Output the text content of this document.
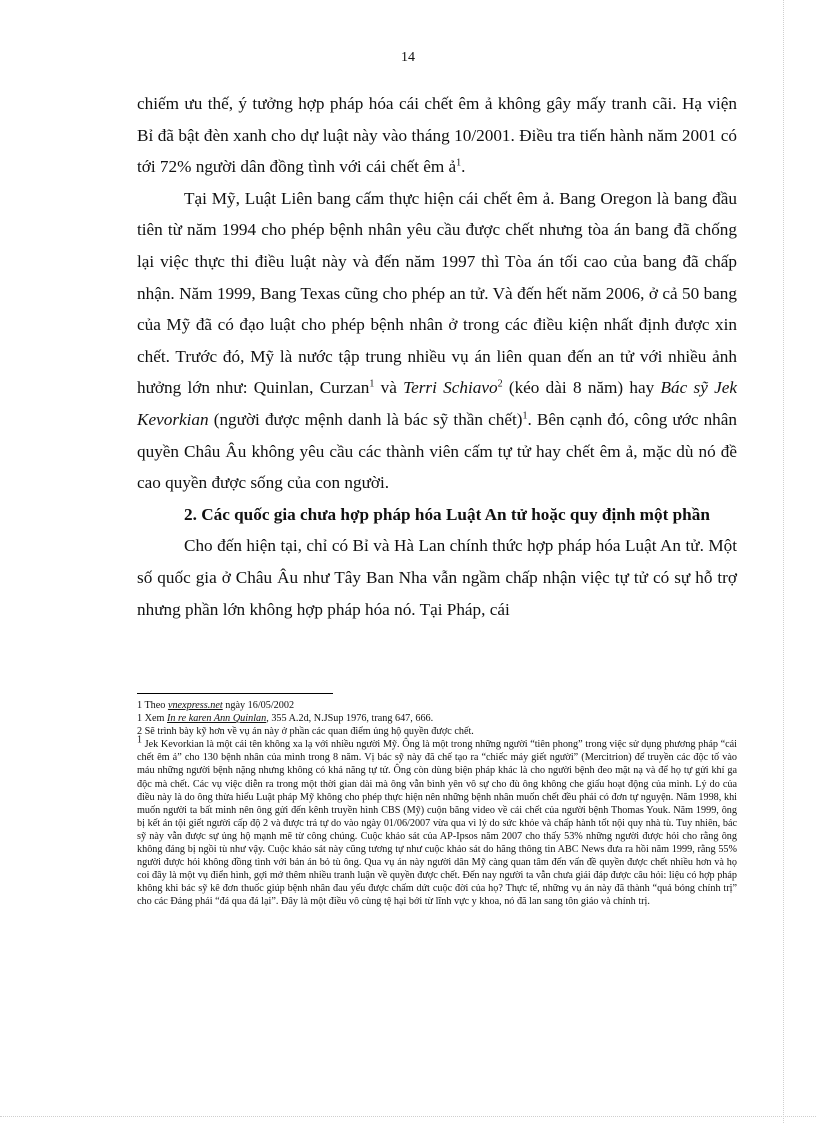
14

chiếm ưu thế, ý tưởng hợp pháp hóa cái chết êm ả không gây mấy tranh cãi. Hạ viện Bỉ đã bật đèn xanh cho dự luật này vào tháng 10/2001. Điều tra tiến hành năm 2001 có tới 72% người dân đồng tình với cái chết êm ả$^1$.

Tại Mỹ, Luật Liên bang cấm thực hiện cái chết êm ả. Bang Oregon là bang đầu tiên từ năm 1994 cho phép bệnh nhân yêu cầu được chết nhưng tòa án bang đã chống lại việc thực thi điều luật này và đến năm 1997 thì Tòa án tối cao của bang đã chấp nhận. Năm 1999, Bang Texas cũng cho phép an tử. Và đến hết năm 2006, ở cả 50 bang của Mỹ đã có đạo luật cho phép bệnh nhân ở trong các điều kiện nhất định được xin chết. Trước đó, Mỹ là nước tập trung nhiều vụ án liên quan đến an tử với nhiều ảnh hưởng lớn như: Quinlan, Curzan$^1$ và Terri Schiavo$^2$ (kéo dài 8 năm) hay Bác sỹ Jek Kevorkian (người được mệnh danh là bác sỹ thần chết)$^1$. Bên cạnh đó, công ước nhân quyền Châu Âu không yêu cầu các thành viên cấm tự tử hay chết êm ả, mặc dù nó đề cao quyền được sống của con người.

2. Các quốc gia chưa hợp pháp hóa Luật An tử hoặc quy định một phần

Cho đến hiện tại, chỉ có Bỉ và Hà Lan chính thức hợp pháp hóa Luật An tử. Một số quốc gia ở Châu Âu như Tây Ban Nha vẫn ngầm chấp nhận việc tự tử có sự hỗ trợ nhưng phần lớn không hợp pháp hóa nó. Tại Pháp, cái

1 Theo vnexpress.net ngày 16/05/2002

1 Xem In re karen Ann Quinlan, 355 A.2d, N.JSup 1976, trang 647, 666.

2 Sẽ trình bày kỹ hơn về vụ án này ở phần các quan điểm ủng hộ quyền được chết.

$^1$ Jek Kevorkian là một cái tên không xa lạ với nhiều người Mỹ. Ông là một trong những người “tiên phong” trong việc sử dụng phương pháp “cái chết êm ả” cho 130 bệnh nhân của mình trong 8 năm. Vị bác sỹ này đã chế tạo ra “chiếc máy giết người” (Mercitrion) để truyền các độc tố vào máu những người bệnh nặng nhưng không có khả năng tự tử. Ông còn dùng biện pháp khác là cho người bệnh đeo mặt nạ và để họ tự gửi khí ga độc mà chết. Các vụ việc diễn ra trong một thời gian dài mà ông vẫn bình yên vô sự cho đù ông không che giấu hoạt động của mình. Lý do của điều này là do ông thừa hiểu Luật pháp Mỹ không cho phép thực hiện nên những bệnh nhân muốn chết đều phải có đơn tự nguyện. Năm 1998, khi muốn người ta bất minh nên ông gửi đến kênh truyền hình CBS (Mỹ) cuộn băng video về cái chết của người bệnh Thomas Youk. Năm 1999, ông bị kết án tội giết người cấp độ 2 và được trả tự do vào ngày 01/06/2007 vừa qua vì lý do sức khỏe và chấp hành tốt nội quy nhà tù. Tuy nhiên, bác sỹ này vẫn được sự ủng hộ mạnh mẽ từ công chúng. Cuộc khảo sát của AP-Ipsos năm 2007 cho thấy 53% những người được hỏi cho rằng ông không đáng bị ngồi tù như vậy. Cuộc khảo sát này cũng tương tự như cuộc khảo sát do hãng thông tin ABC News đưa ra hồi năm 1999, rằng 55% người được hỏi không đồng tình với bản án bỏ tù ông. Qua vụ án này người dân Mỹ càng quan tâm đến vấn đề quyền được chết nhiều hơn và họ coi đây là một vụ điển hình, gợi mở thêm nhiều tranh luận về quyền được chết. Đến nay người ta vẫn chưa giải đáp được câu hỏi: liệu có hợp pháp không khi bác sỹ kê đơn thuốc giúp bệnh nhân đau yếu được chấm dứt cuộc đời của họ? Thực tế, những vụ án này đã thành “quả bóng chính trị” cho các Đảng phái “đá qua đá lại”. Đây là một điều vô cùng tệ hại bởi từ lĩnh vực y khoa, nó đã lan sang tôn giáo và chính trị.
